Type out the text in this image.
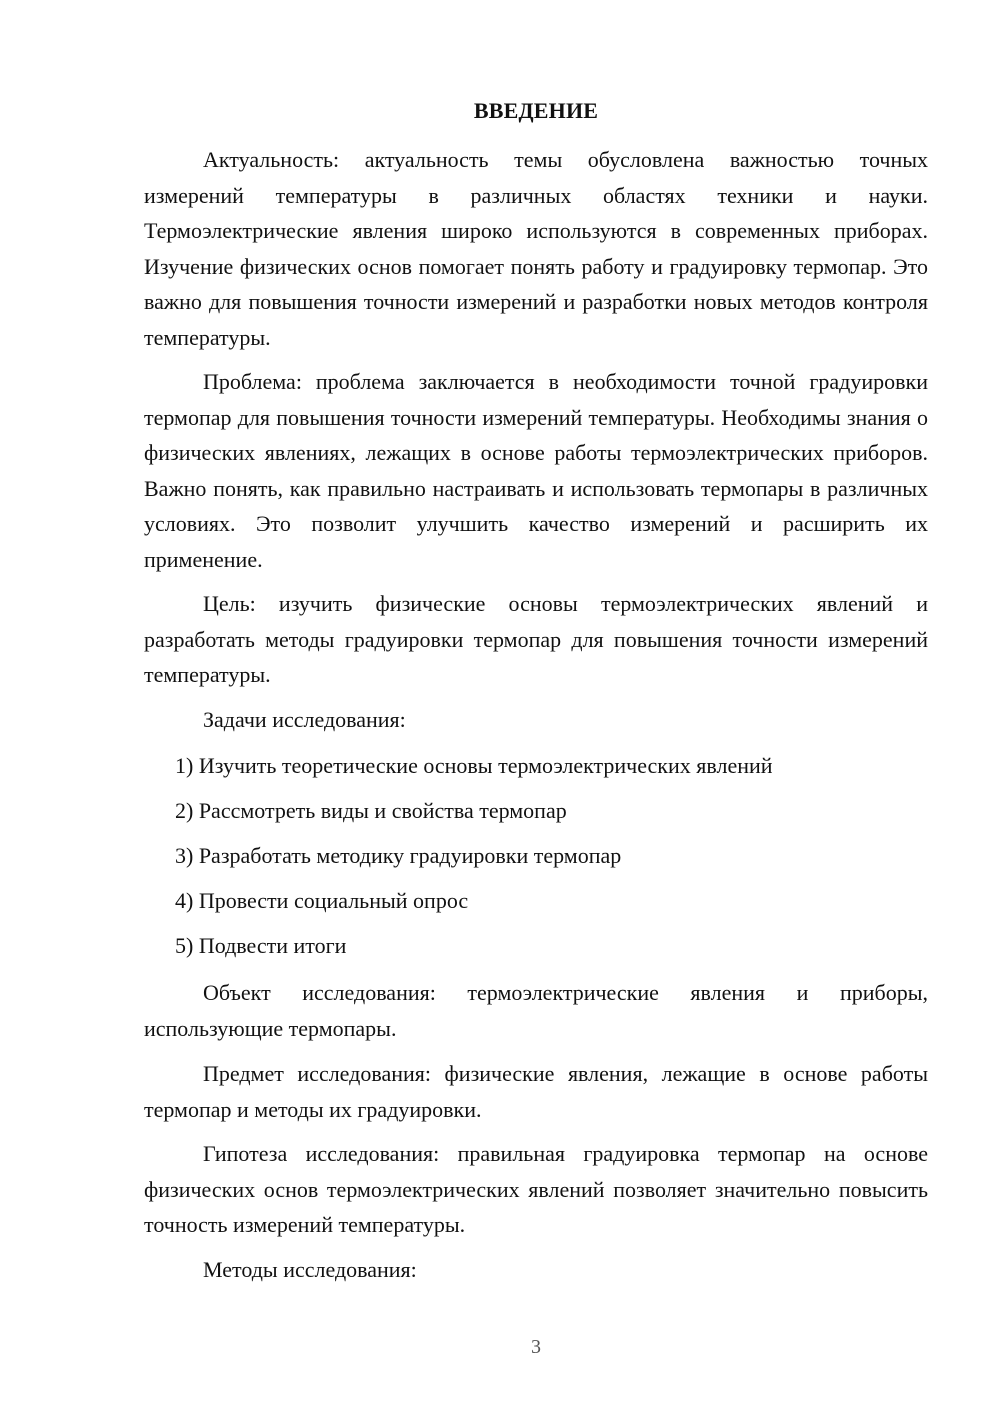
ВВЕДЕНИЕ

Актуальность: актуальность темы обусловлена важностью точных измерений температуры в различных областях техники и науки. Термоэлектрические явления широко используются в современных приборах. Изучение физических основ помогает понять работу и градуировку термопар. Это важно для повышения точности измерений и разработки новых методов контроля температуры.

Проблема: проблема заключается в необходимости точной градуировки термопар для повышения точности измерений температуры. Необходимы знания о физических явлениях, лежащих в основе работы термоэлектрических приборов. Важно понять, как правильно настраивать и использовать термопары в различных условиях. Это позволит улучшить качество измерений и расширить их применение.

Цель: изучить физические основы термоэлектрических явлений и разработать методы градуировки термопар для повышения точности измерений температуры.

Задачи исследования:

1) Изучить теоретические основы термоэлектрических явлений
2) Рассмотреть виды и свойства термопар
3) Разработать методику градуировки термопар
4) Провести социальный опрос
5) Подвести итоги

Объект исследования: термоэлектрические явления и приборы, использующие термопары.

Предмет исследования: физические явления, лежащие в основе работы термопар и методы их градуировки.

Гипотеза исследования: правильная градуировка термопар на основе физических основ термоэлектрических явлений позволяет значительно повысить точность измерений температуры.

Методы исследования:

3
